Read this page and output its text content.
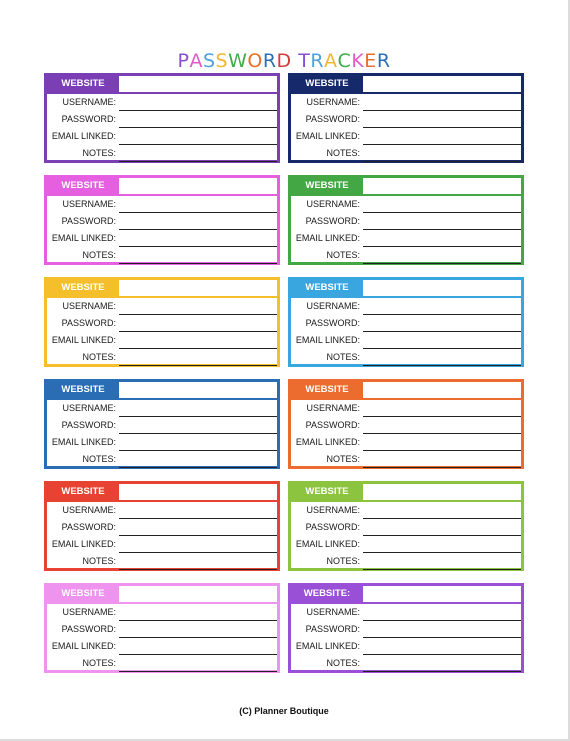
PASSWORD TRACKER
WEBSITE
USERNAME:
PASSWORD:
EMAIL LINKED:
NOTES:
WEBSITE
USERNAME:
PASSWORD:
EMAIL LINKED:
NOTES:
WEBSITE
USERNAME:
PASSWORD:
EMAIL LINKED:
NOTES:
WEBSITE
USERNAME:
PASSWORD:
EMAIL LINKED:
NOTES:
WEBSITE
USERNAME:
PASSWORD:
EMAIL LINKED:
NOTES:
WEBSITE
USERNAME:
PASSWORD:
EMAIL LINKED:
NOTES:
WEBSITE
USERNAME:
PASSWORD:
EMAIL LINKED:
NOTES:
WEBSITE
USERNAME:
PASSWORD:
EMAIL LINKED:
NOTES:
WEBSITE
USERNAME:
PASSWORD:
EMAIL LINKED:
NOTES:
WEBSITE
USERNAME:
PASSWORD:
EMAIL LINKED:
NOTES:
WEBSITE
USERNAME:
PASSWORD:
EMAIL LINKED:
NOTES:
WEBSITE:
USERNAME:
PASSWORD:
EMAIL LINKED:
NOTES:
(C) Planner Boutique
